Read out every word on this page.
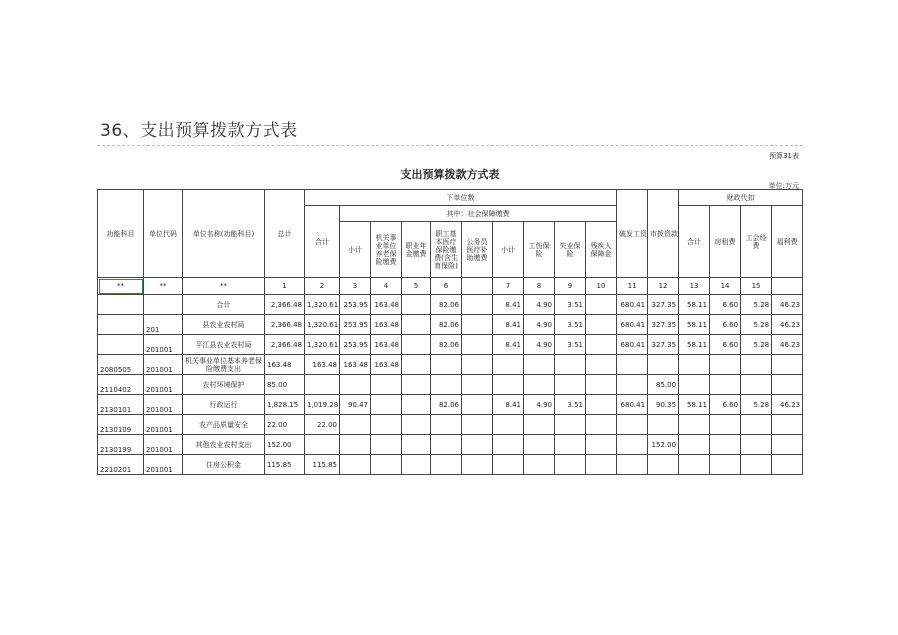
36、支出预算拨款方式表
预算31表
支出预算拨款方式表
单位:万元
功能科目	单位代码	单位名称(功能科目)	总计	下单位数										破发工资	市拨资款	财政代扣			
				合计	其中：社会保障缴费											合计	房租费	工会经费	福利费
					小计	机关事业单位养老保险缴费	职业年金缴费	职工基本医疗保险缴费(含生育保险)	公务员医疗补助缴费	小计	工伤保险	失业保险	残疾人保障金						
**	**	**	1	2	3	4	5	6		7	8	9	10	11	12	13	14	15	
		合计	2,366.48	1,320.61	253.95	163.48		82.06		8.41	4.90	3.51		680.41	327.35	58.11	6.60	5.28	46.23
	201	县农业农村局	2,366.48	1,320.61	253.95	163.48		82.06		8.41	4.90	3.51		680.41	327.35	58.11	6.60	5.28	46.23
	201001	平江县农业农村局	2,366.48	1,320.61	253.95	163.48		82.06		8.41	4.90	3.51		680.41	327.35	58.11	6.60	5.28	46.23
2080505	201001	机关事业单位基本养老保险缴费支出	163.48	163.48	163.48	163.48													
2110402	201001	农村环境保护	85.00												85.00				
2130101	201001	行政运行	1,828.15	1,019.28	90.47			82.06		8.41	4.90	3.51		680.41	90.35	58.11	6.60	5.28	46.23
2130109	201001	农产品质量安全	22.00	22.00															
2130199	201001	其他农业农村支出	152.00												152.00				
2210201	201001	住房公积金	115.85	115.85															
